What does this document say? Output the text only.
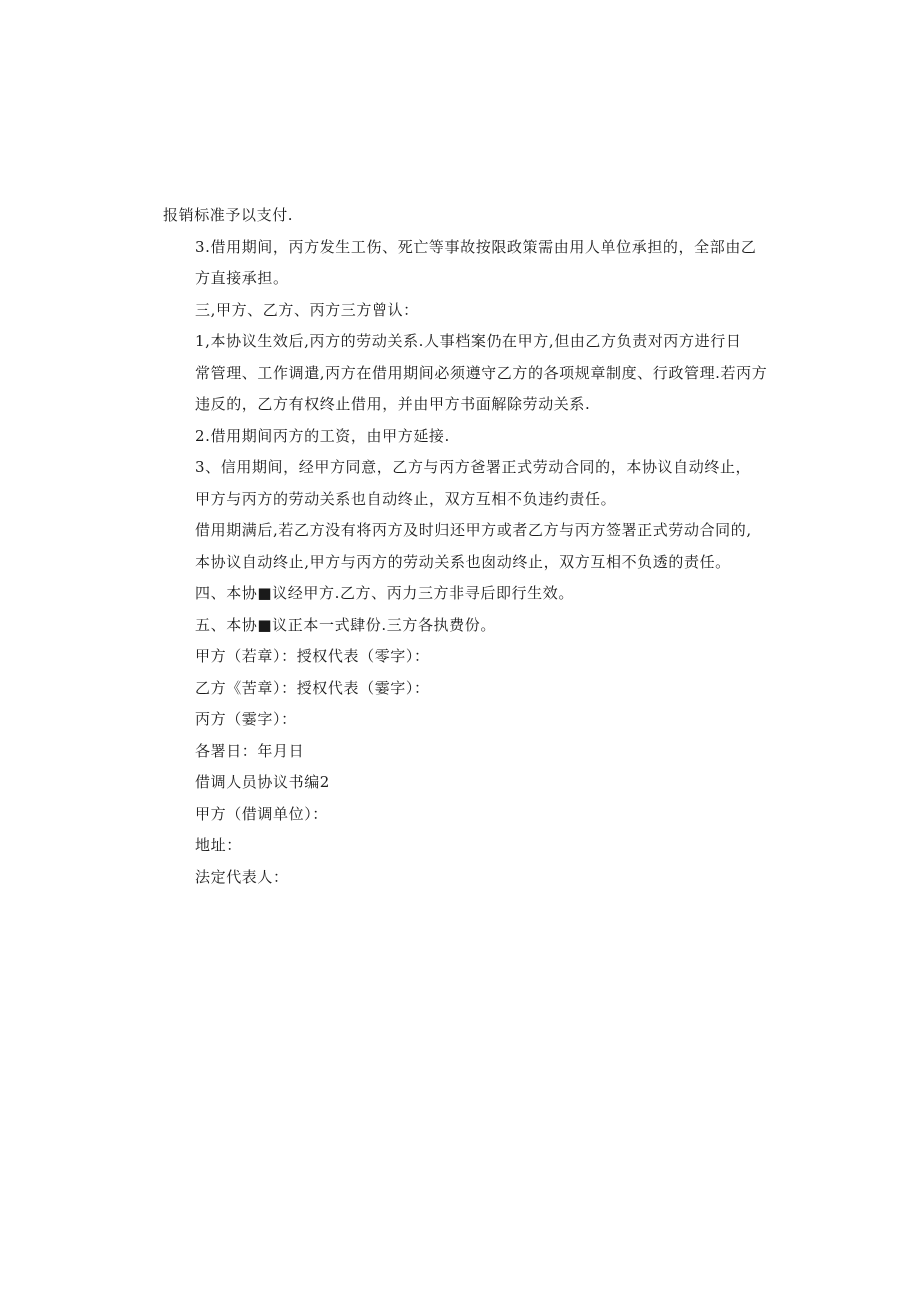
报销标准予以支付.
3.借用期间，丙方发生工伤、死亡等事故按限政策需由用人单位承担的，全部由乙
方直接承担。
三,甲方、乙方、丙方三方曾认：
1,本协议生效后,丙方的劳动关系.人事档案仍在甲方,但由乙方负责对丙方进行日
常管理、工作调遣,丙方在借用期间必须遵守乙方的各项规章制度、行政管理.若丙方
违反的，乙方有权终止借用，并由甲方书面解除劳动关系.
2.借用期间丙方的工资，由甲方延接.
3、信用期间，经甲方同意，乙方与丙方爸署正式劳动合同的，本协议自动终止，
甲方与丙方的劳动关系也自动终止，双方互相不负违约责任。
借用期满后,若乙方没有将丙方及时归还甲方或者乙方与丙方签署正式劳动合同的,
本协议自动终止,甲方与丙方的劳动关系也囱动终止，双方互相不负透的责任。
四、本协■议经甲方.乙方、丙力三方非寻后即行生效。
五、本协■议正本一式肆份.三方各执费份。
甲方（若章）：授权代表（零字）：
乙方《苦章）：授权代表（霎字）：
丙方（霎字）：
各署日：年月日
借调人员协议书编2
甲方（借调单位）：
地址：
法定代表人：
